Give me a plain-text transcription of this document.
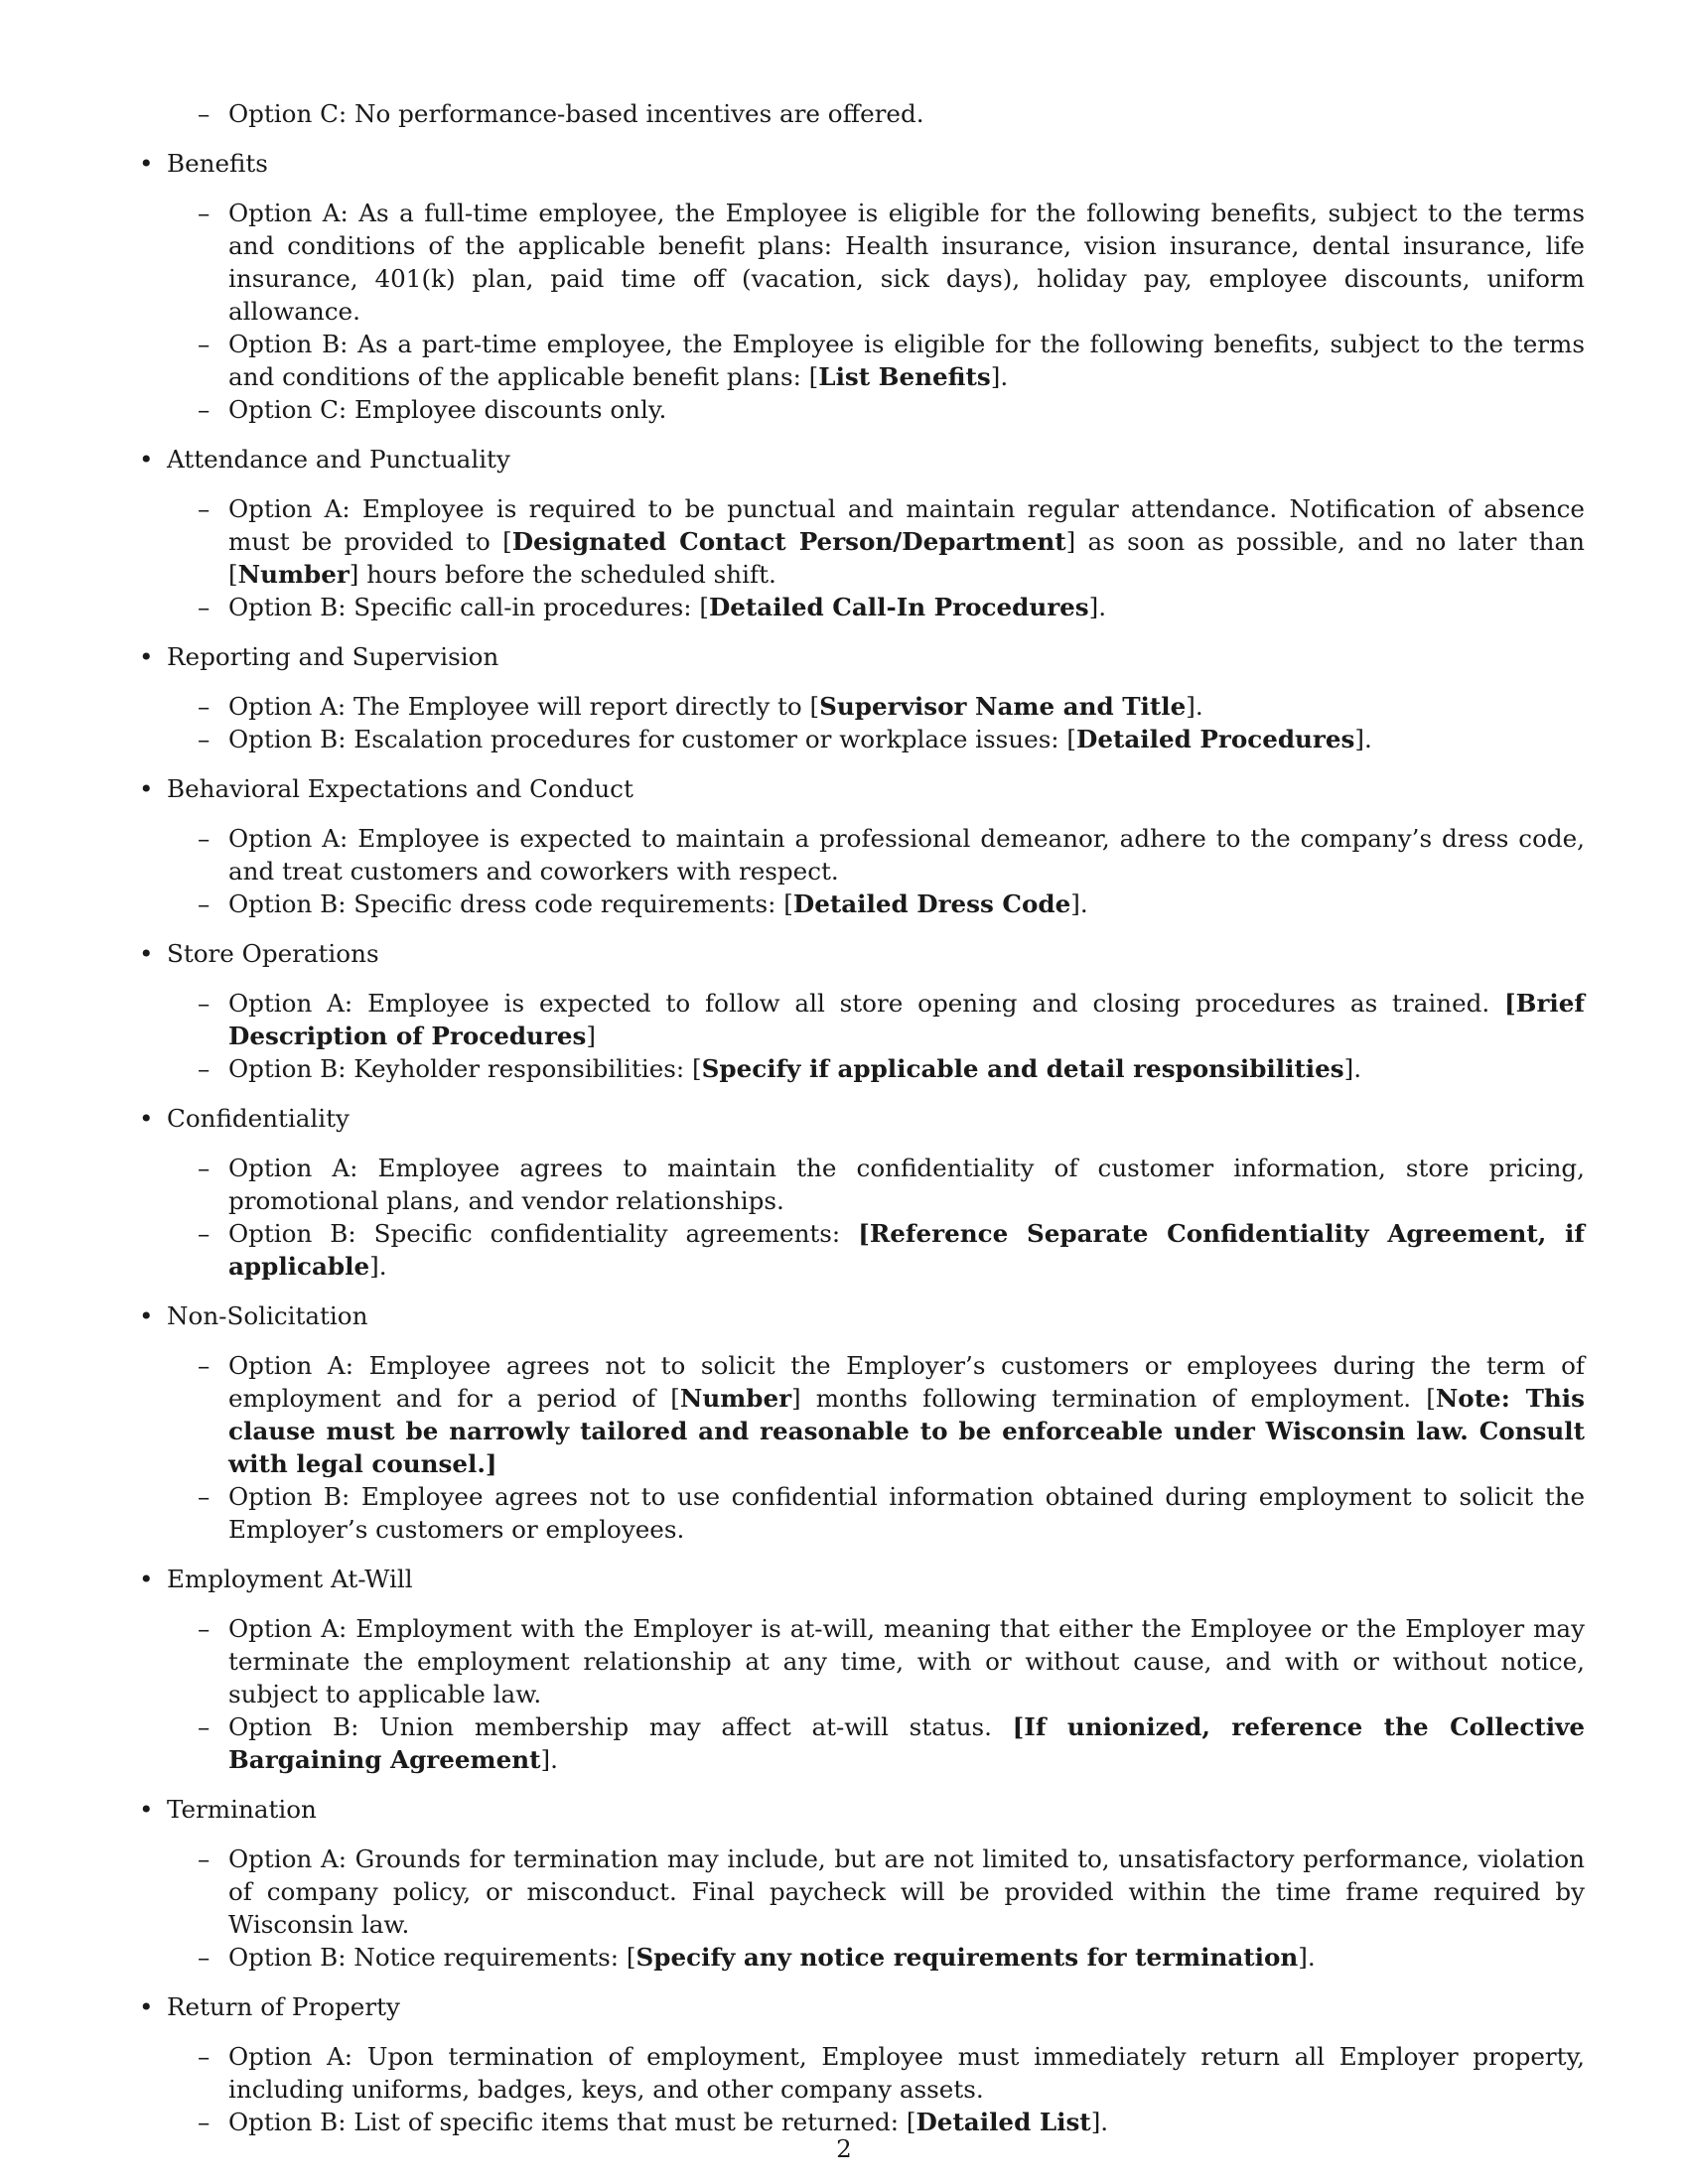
– Option C: No performance-based incentives are offered.
• Benefits
– Option A: As a full-time employee, the Employee is eligible for the following benefits, subject to the terms and conditions of the applicable benefit plans: Health insurance, vision insurance, dental insurance, life insurance, 401(k) plan, paid time off (vacation, sick days), holiday pay, employee discounts, uniform allowance.
– Option B: As a part-time employee, the Employee is eligible for the following benefits, subject to the terms and conditions of the applicable benefit plans: [List Benefits].
– Option C: Employee discounts only.
• Attendance and Punctuality
– Option A: Employee is required to be punctual and maintain regular attendance. Notification of absence must be provided to [Designated Contact Person/Department] as soon as possible, and no later than [Number] hours before the scheduled shift.
– Option B: Specific call-in procedures: [Detailed Call-In Procedures].
• Reporting and Supervision
– Option A: The Employee will report directly to [Supervisor Name and Title].
– Option B: Escalation procedures for customer or workplace issues: [Detailed Procedures].
• Behavioral Expectations and Conduct
– Option A: Employee is expected to maintain a professional demeanor, adhere to the company’s dress code, and treat customers and coworkers with respect.
– Option B: Specific dress code requirements: [Detailed Dress Code].
• Store Operations
– Option A: Employee is expected to follow all store opening and closing procedures as trained. [Brief Description of Procedures]
– Option B: Keyholder responsibilities: [Specify if applicable and detail responsibilities].
• Confidentiality
– Option A: Employee agrees to maintain the confidentiality of customer information, store pricing, promotional plans, and vendor relationships.
– Option B: Specific confidentiality agreements: [Reference Separate Confidentiality Agreement, if applicable].
• Non-Solicitation
– Option A: Employee agrees not to solicit the Employer’s customers or employees during the term of employment and for a period of [Number] months following termination of employment. [Note: This clause must be narrowly tailored and reasonable to be enforceable under Wisconsin law. Consult with legal counsel.]
– Option B: Employee agrees not to use confidential information obtained during employment to solicit the Employer’s customers or employees.
• Employment At-Will
– Option A: Employment with the Employer is at-will, meaning that either the Employee or the Employer may terminate the employment relationship at any time, with or without cause, and with or without notice, subject to applicable law.
– Option B: Union membership may affect at-will status. [If unionized, reference the Collective Bargaining Agreement].
• Termination
– Option A: Grounds for termination may include, but are not limited to, unsatisfactory performance, violation of company policy, or misconduct. Final paycheck will be provided within the time frame required by Wisconsin law.
– Option B: Notice requirements: [Specify any notice requirements for termination].
• Return of Property
– Option A: Upon termination of employment, Employee must immediately return all Employer property, including uniforms, badges, keys, and other company assets.
– Option B: List of specific items that must be returned: [Detailed List].
2
